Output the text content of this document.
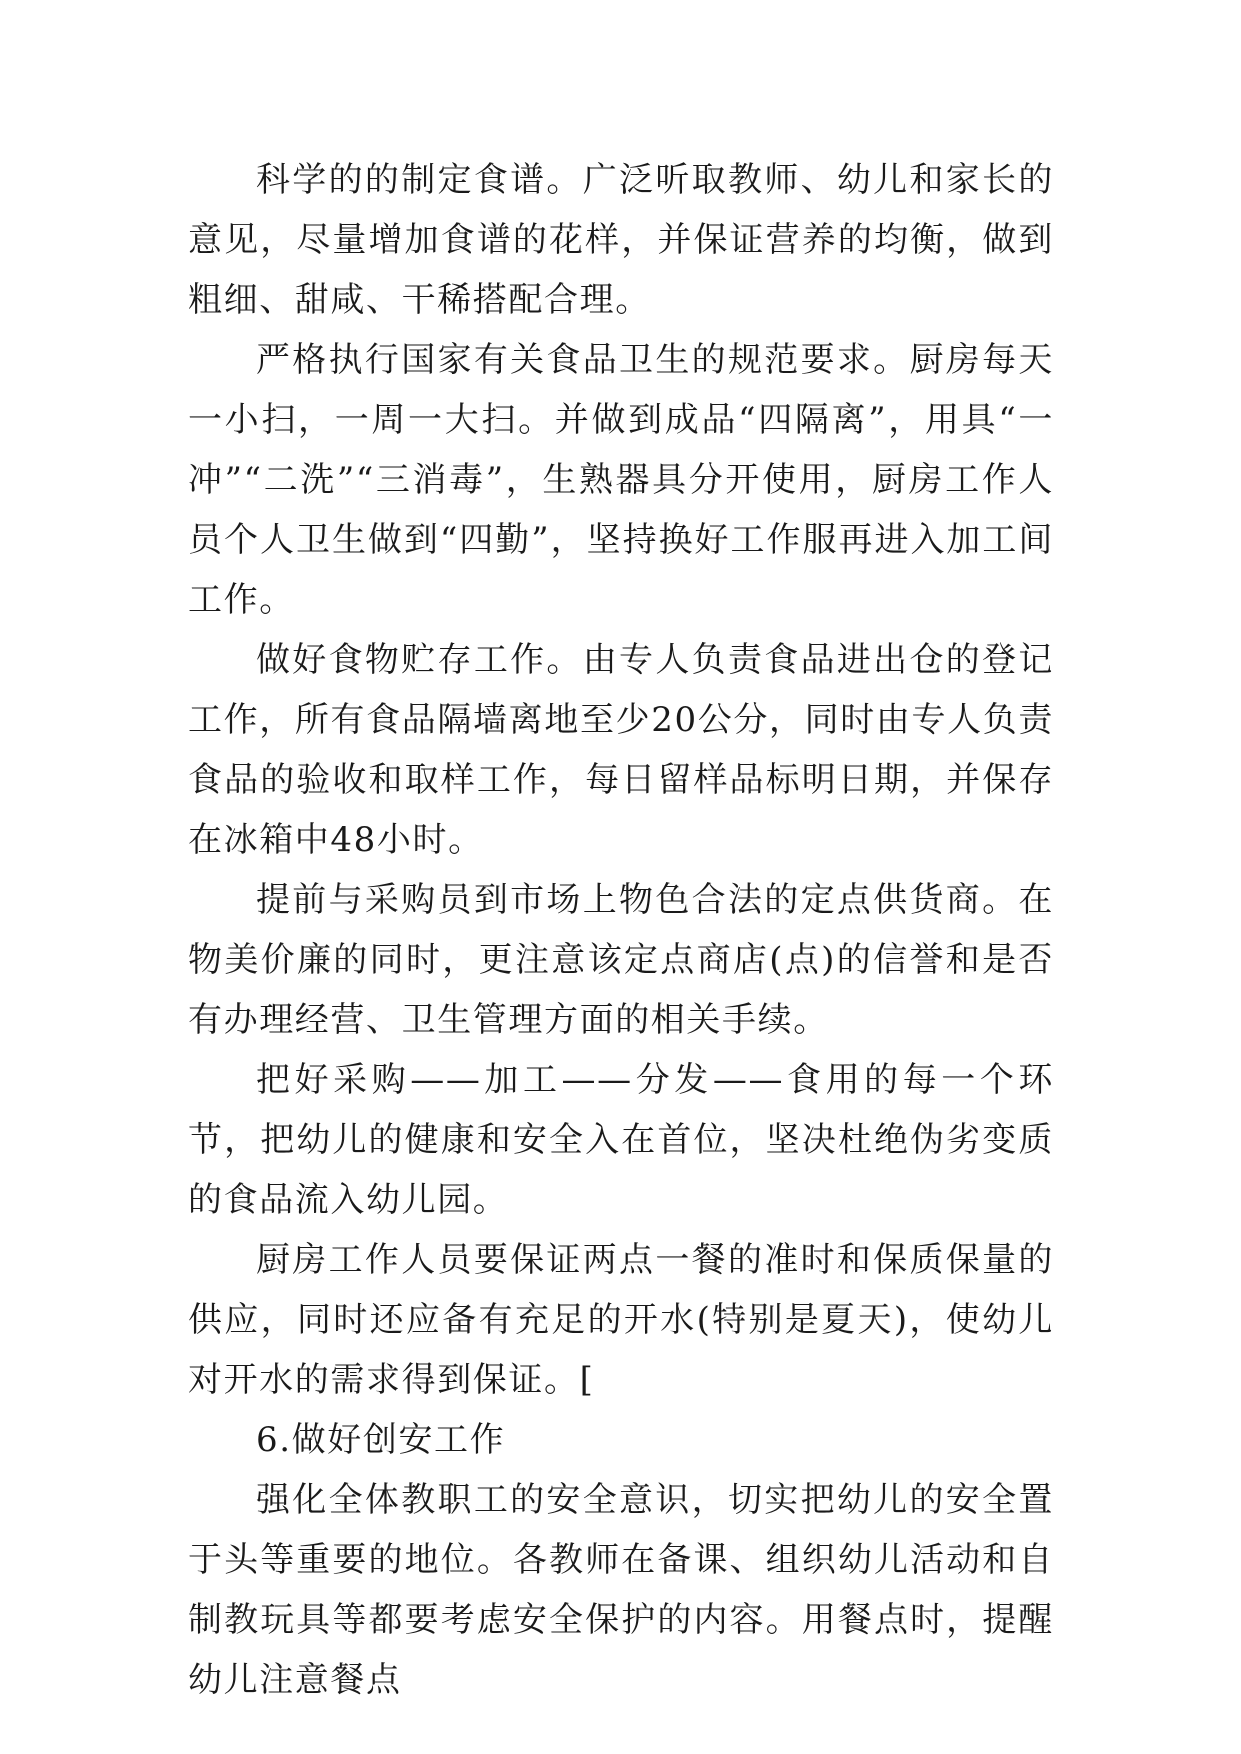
科学的的制定食谱。广泛听取教师、幼儿和家长的意见，尽量增加食谱的花样，并保证营养的均衡，做到粗细、甜咸、干稀搭配合理。

严格执行国家有关食品卫生的规范要求。厨房每天一小扫，一周一大扫。并做到成品“四隔离”，用具“一冲”“二洗”“三消毒”，生熟器具分开使用，厨房工作人员个人卫生做到“四勤”，坚持换好工作服再进入加工间工作。

做好食物贮存工作。由专人负责食品进出仓的登记工作，所有食品隔墙离地至少20公分，同时由专人负责食品的验收和取样工作，每日留样品标明日期，并保存在冰箱中48小时。

提前与采购员到市场上物色合法的定点供货商。在物美价廉的同时，更注意该定点商店(点)的信誉和是否有办理经营、卫生管理方面的相关手续。

把好采购——加工——分发——食用的每一个环节，把幼儿的健康和安全入在首位，坚决杜绝伪劣变质的食品流入幼儿园。

厨房工作人员要保证两点一餐的准时和保质保量的供应，同时还应备有充足的开水(特别是夏天)，使幼儿对开水的需求得到保证。[

6.做好创安工作

强化全体教职工的安全意识，切实把幼儿的安全置于头等重要的地位。各教师在备课、组织幼儿活动和自制教玩具等都要考虑安全保护的内容。用餐点时，提醒幼儿注意餐点
